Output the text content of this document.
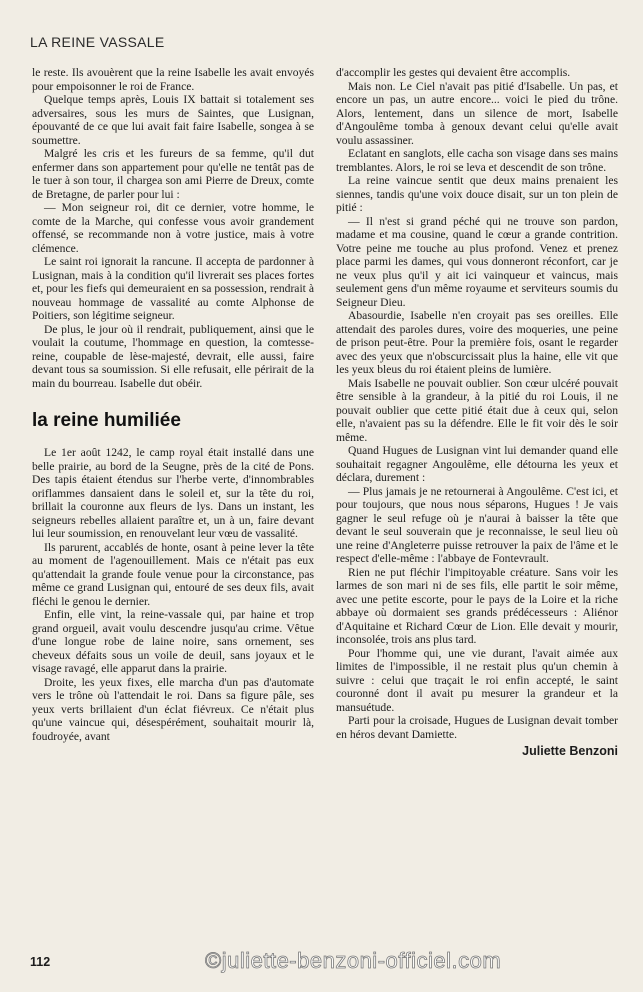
LA REINE VASSALE

le reste. Ils avouèrent que la reine Isabelle les avait envoyés pour empoisonner le roi de France.

Quelque temps après, Louis IX battait si totalement ses adversaires, sous les murs de Saintes, que Lusignan, épouvanté de ce que lui avait fait faire Isabelle, songea à se soumettre.

Malgré les cris et les fureurs de sa femme, qu'il dut enfermer dans son appartement pour qu'elle ne tentât pas de le tuer à son tour, il chargea son ami Pierre de Dreux, comte de Bretagne, de parler pour lui :

— Mon seigneur roi, dit ce dernier, votre homme, le comte de la Marche, qui confesse vous avoir grandement offensé, se recommande non à votre justice, mais à votre clémence.

Le saint roi ignorait la rancune. Il accepta de pardonner à Lusignan, mais à la condition qu'il livrerait ses places fortes et, pour les fiefs qui demeuraient en sa possession, rendrait à nouveau hommage de vassalité au comte Alphonse de Poitiers, son légitime seigneur.

De plus, le jour où il rendrait, publiquement, ainsi que le voulait la coutume, l'hommage en question, la comtesse-reine, coupable de lèse-majesté, devrait, elle aussi, faire devant tous sa soumission. Si elle refusait, elle périrait de la main du bourreau. Isabelle dut obéir.

la reine humiliée

Le 1er août 1242, le camp royal était installé dans une belle prairie, au bord de la Seugne, près de la cité de Pons. Des tapis étaient étendus sur l'herbe verte, d'innombrables oriflammes dansaient dans le soleil et, sur la tête du roi, brillait la couronne aux fleurs de lys. Dans un instant, les seigneurs rebelles allaient paraître et, un à un, faire devant lui leur soumission, en renouvelant leur vœu de vassalité.

Ils parurent, accablés de honte, osant à peine lever la tête au moment de l'agenouillement. Mais ce n'était pas eux qu'attendait la grande foule venue pour la circonstance, pas même ce grand Lusignan qui, entouré de ses deux fils, avait fléchi le genou le dernier.

Enfin, elle vint, la reine-vassale qui, par haine et trop grand orgueil, avait voulu descendre jusqu'au crime. Vêtue d'une longue robe de laine noire, sans ornement, ses cheveux défaits sous un voile de deuil, sans joyaux et le visage ravagé, elle apparut dans la prairie.

Droite, les yeux fixes, elle marcha d'un pas d'automate vers le trône où l'attendait le roi. Dans sa figure pâle, ses yeux verts brillaient d'un éclat fiévreux. Ce n'était plus qu'une vaincue qui, désespérément, souhaitait mourir là, foudroyée, avant

d'accomplir les gestes qui devaient être accomplis.

Mais non. Le Ciel n'avait pas pitié d'Isabelle. Un pas, et encore un pas, un autre encore... voici le pied du trône. Alors, lentement, dans un silence de mort, Isabelle d'Angoulême tomba à genoux devant celui qu'elle avait voulu assassiner.

Eclatant en sanglots, elle cacha son visage dans ses mains tremblantes. Alors, le roi se leva et descendit de son trône.

La reine vaincue sentit que deux mains prenaient les siennes, tandis qu'une voix douce disait, sur un ton plein de pitié :

— Il n'est si grand péché qui ne trouve son pardon, madame et ma cousine, quand le cœur a grande contrition. Votre peine me touche au plus profond. Venez et prenez place parmi les dames, qui vous donneront réconfort, car je ne veux plus qu'il y ait ici vainqueur et vaincus, mais seulement gens d'un même royaume et serviteurs soumis du Seigneur Dieu.

Abasourdie, Isabelle n'en croyait pas ses oreilles. Elle attendait des paroles dures, voire des moqueries, une peine de prison peut-être. Pour la première fois, osant le regarder avec des yeux que n'obscurcissait plus la haine, elle vit que les yeux bleus du roi étaient pleins de lumière.

Mais Isabelle ne pouvait oublier. Son cœur ulcéré pouvait être sensible à la grandeur, à la pitié du roi Louis, il ne pouvait oublier que cette pitié était due à ceux qui, selon elle, n'avaient pas su la défendre. Elle le fit voir dès le soir même.

Quand Hugues de Lusignan vint lui demander quand elle souhaitait regagner Angoulême, elle détourna les yeux et déclara, durement :

— Plus jamais je ne retournerai à Angoulême. C'est ici, et pour toujours, que nous nous séparons, Hugues ! Je vais gagner le seul refuge où je n'aurai à baisser la tête que devant le seul souverain que je reconnaisse, le seul lieu où une reine d'Angleterre puisse retrouver la paix de l'âme et le respect d'elle-même : l'abbaye de Fontevrault.

Rien ne put fléchir l'impitoyable créature. Sans voir les larmes de son mari ni de ses fils, elle partit le soir même, avec une petite escorte, pour le pays de la Loire et la riche abbaye où dormaient ses grands prédécesseurs : Aliénor d'Aquitaine et Richard Cœur de Lion. Elle devait y mourir, inconsolée, trois ans plus tard.

Pour l'homme qui, une vie durant, l'avait aimée aux limites de l'impossible, il ne restait plus qu'un chemin à suivre : celui que traçait le roi enfin accepté, le saint couronné dont il avait pu mesurer la grandeur et la mansuétude.

Parti pour la croisade, Hugues de Lusignan devait tomber en héros devant Damiette.

Juliette Benzoni
112	©juliette-benzoni-officiel.com
